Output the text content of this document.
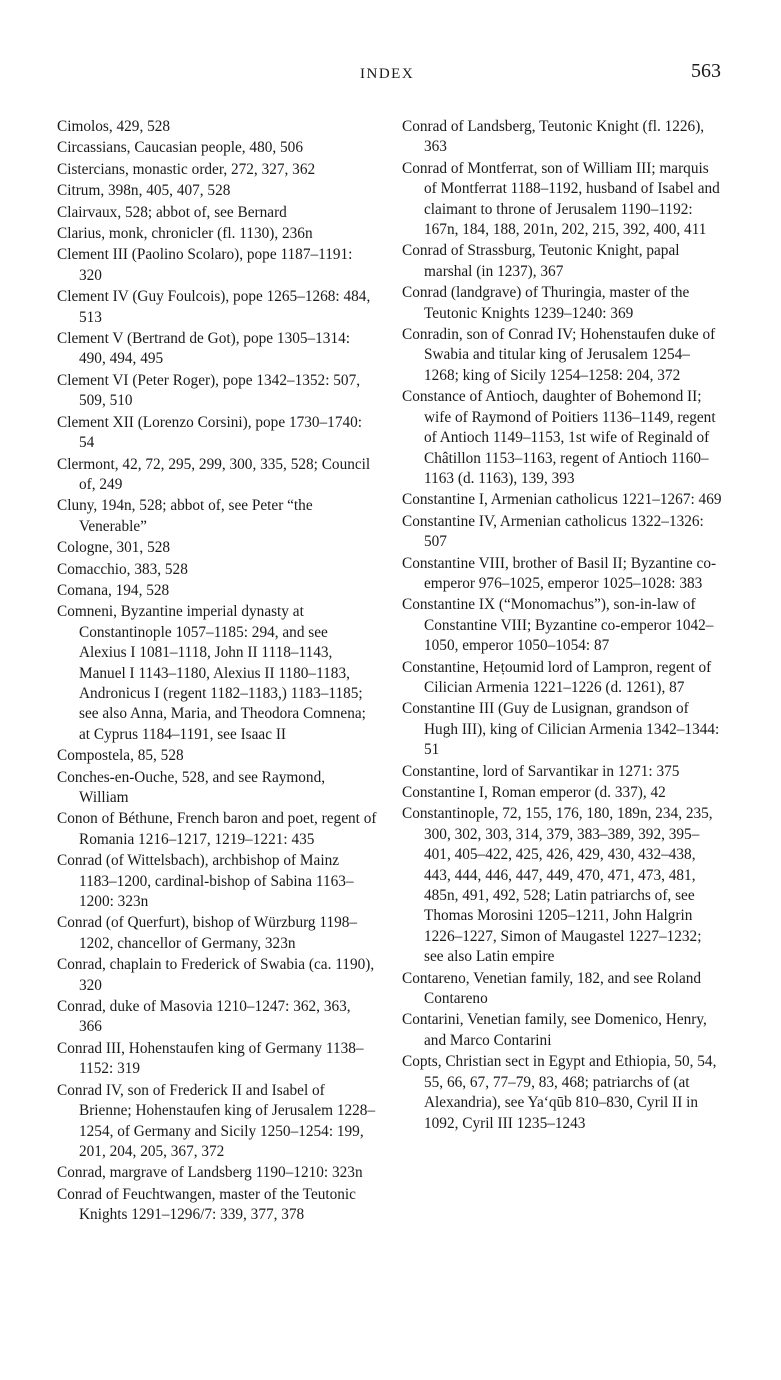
INDEX	563
Cimolos, 429, 528
Circassians, Caucasian people, 480, 506
Cistercians, monastic order, 272, 327, 362
Citrum, 398n, 405, 407, 528
Clairvaux, 528; abbot of, see Bernard
Clarius, monk, chronicler (fl. 1130), 236n
Clement III (Paolino Scolaro), pope 1187–1191: 320
Clement IV (Guy Foulcois), pope 1265–1268: 484, 513
Clement V (Bertrand de Got), pope 1305–1314: 490, 494, 495
Clement VI (Peter Roger), pope 1342–1352: 507, 509, 510
Clement XII (Lorenzo Corsini), pope 1730–1740: 54
Clermont, 42, 72, 295, 299, 300, 335, 528; Council of, 249
Cluny, 194n, 528; abbot of, see Peter “the Venerable”
Cologne, 301, 528
Comacchio, 383, 528
Comana, 194, 528
Comneni, Byzantine imperial dynasty at Constantinople 1057–1185: 294, and see Alexius I 1081–1118, John II 1118–1143, Manuel I 1143–1180, Alexius II 1180–1183, Andronicus I (regent 1182–1183,) 1183–1185; see also Anna, Maria, and Theodora Comnena; at Cyprus 1184–1191, see Isaac II
Compostela, 85, 528
Conches-en-Ouche, 528, and see Raymond, William
Conon of Béthune, French baron and poet, regent of Romania 1216–1217, 1219–1221: 435
Conrad (of Wittelsbach), archbishop of Mainz 1183–1200, cardinal-bishop of Sabina 1163–1200: 323n
Conrad (of Querfurt), bishop of Würzburg 1198–1202, chancellor of Germany, 323n
Conrad, chaplain to Frederick of Swabia (ca. 1190), 320
Conrad, duke of Masovia 1210–1247: 362, 363, 366
Conrad III, Hohenstaufen king of Germany 1138–1152: 319
Conrad IV, son of Frederick II and Isabel of Brienne; Hohenstaufen king of Jerusalem 1228–1254, of Germany and Sicily 1250–1254: 199, 201, 204, 205, 367, 372
Conrad, margrave of Landsberg 1190–1210: 323n
Conrad of Feuchtwangen, master of the Teutonic Knights 1291–1296/7: 339, 377, 378
Conrad of Landsberg, Teutonic Knight (fl. 1226), 363
Conrad of Montferrat, son of William III; marquis of Montferrat 1188–1192, husband of Isabel and claimant to throne of Jerusalem 1190–1192: 167n, 184, 188, 201n, 202, 215, 392, 400, 411
Conrad of Strassburg, Teutonic Knight, papal marshal (in 1237), 367
Conrad (landgrave) of Thuringia, master of the Teutonic Knights 1239–1240: 369
Conradin, son of Conrad IV; Hohenstaufen duke of Swabia and titular king of Jerusalem 1254–1268; king of Sicily 1254–1258: 204, 372
Constance of Antioch, daughter of Bohemond II; wife of Raymond of Poitiers 1136–1149, regent of Antioch 1149–1153, 1st wife of Reginald of Châtillon 1153–1163, regent of Antioch 1160–1163 (d. 1163), 139, 393
Constantine I, Armenian catholicus 1221–1267: 469
Constantine IV, Armenian catholicus 1322–1326: 507
Constantine VIII, brother of Basil II; Byzantine co-emperor 976–1025, emperor 1025–1028: 383
Constantine IX (“Monomachus”), son-in-law of Constantine VIII; Byzantine co-emperor 1042–1050, emperor 1050–1054: 87
Constantine, Heṭoumid lord of Lampron, regent of Cilician Armenia 1221–1226 (d. 1261), 87
Constantine III (Guy de Lusignan, grandson of Hugh III), king of Cilician Armenia 1342–1344: 51
Constantine, lord of Sarvantikar in 1271: 375
Constantine I, Roman emperor (d. 337), 42
Constantinople, 72, 155, 176, 180, 189n, 234, 235, 300, 302, 303, 314, 379, 383–389, 392, 395–401, 405–422, 425, 426, 429, 430, 432–438, 443, 444, 446, 447, 449, 470, 471, 473, 481, 485n, 491, 492, 528; Latin patriarchs of, see Thomas Morosini 1205–1211, John Halgrin 1226–1227, Simon of Maugastel 1227–1232; see also Latin empire
Contareno, Venetian family, 182, and see Roland Contareno
Contarini, Venetian family, see Domenico, Henry, and Marco Contarini
Copts, Christian sect in Egypt and Ethiopia, 50, 54, 55, 66, 67, 77–79, 83, 468; patriarchs of (at Alexandria), see Ya‘qūb 810–830, Cyril II in 1092, Cyril III 1235–1243
